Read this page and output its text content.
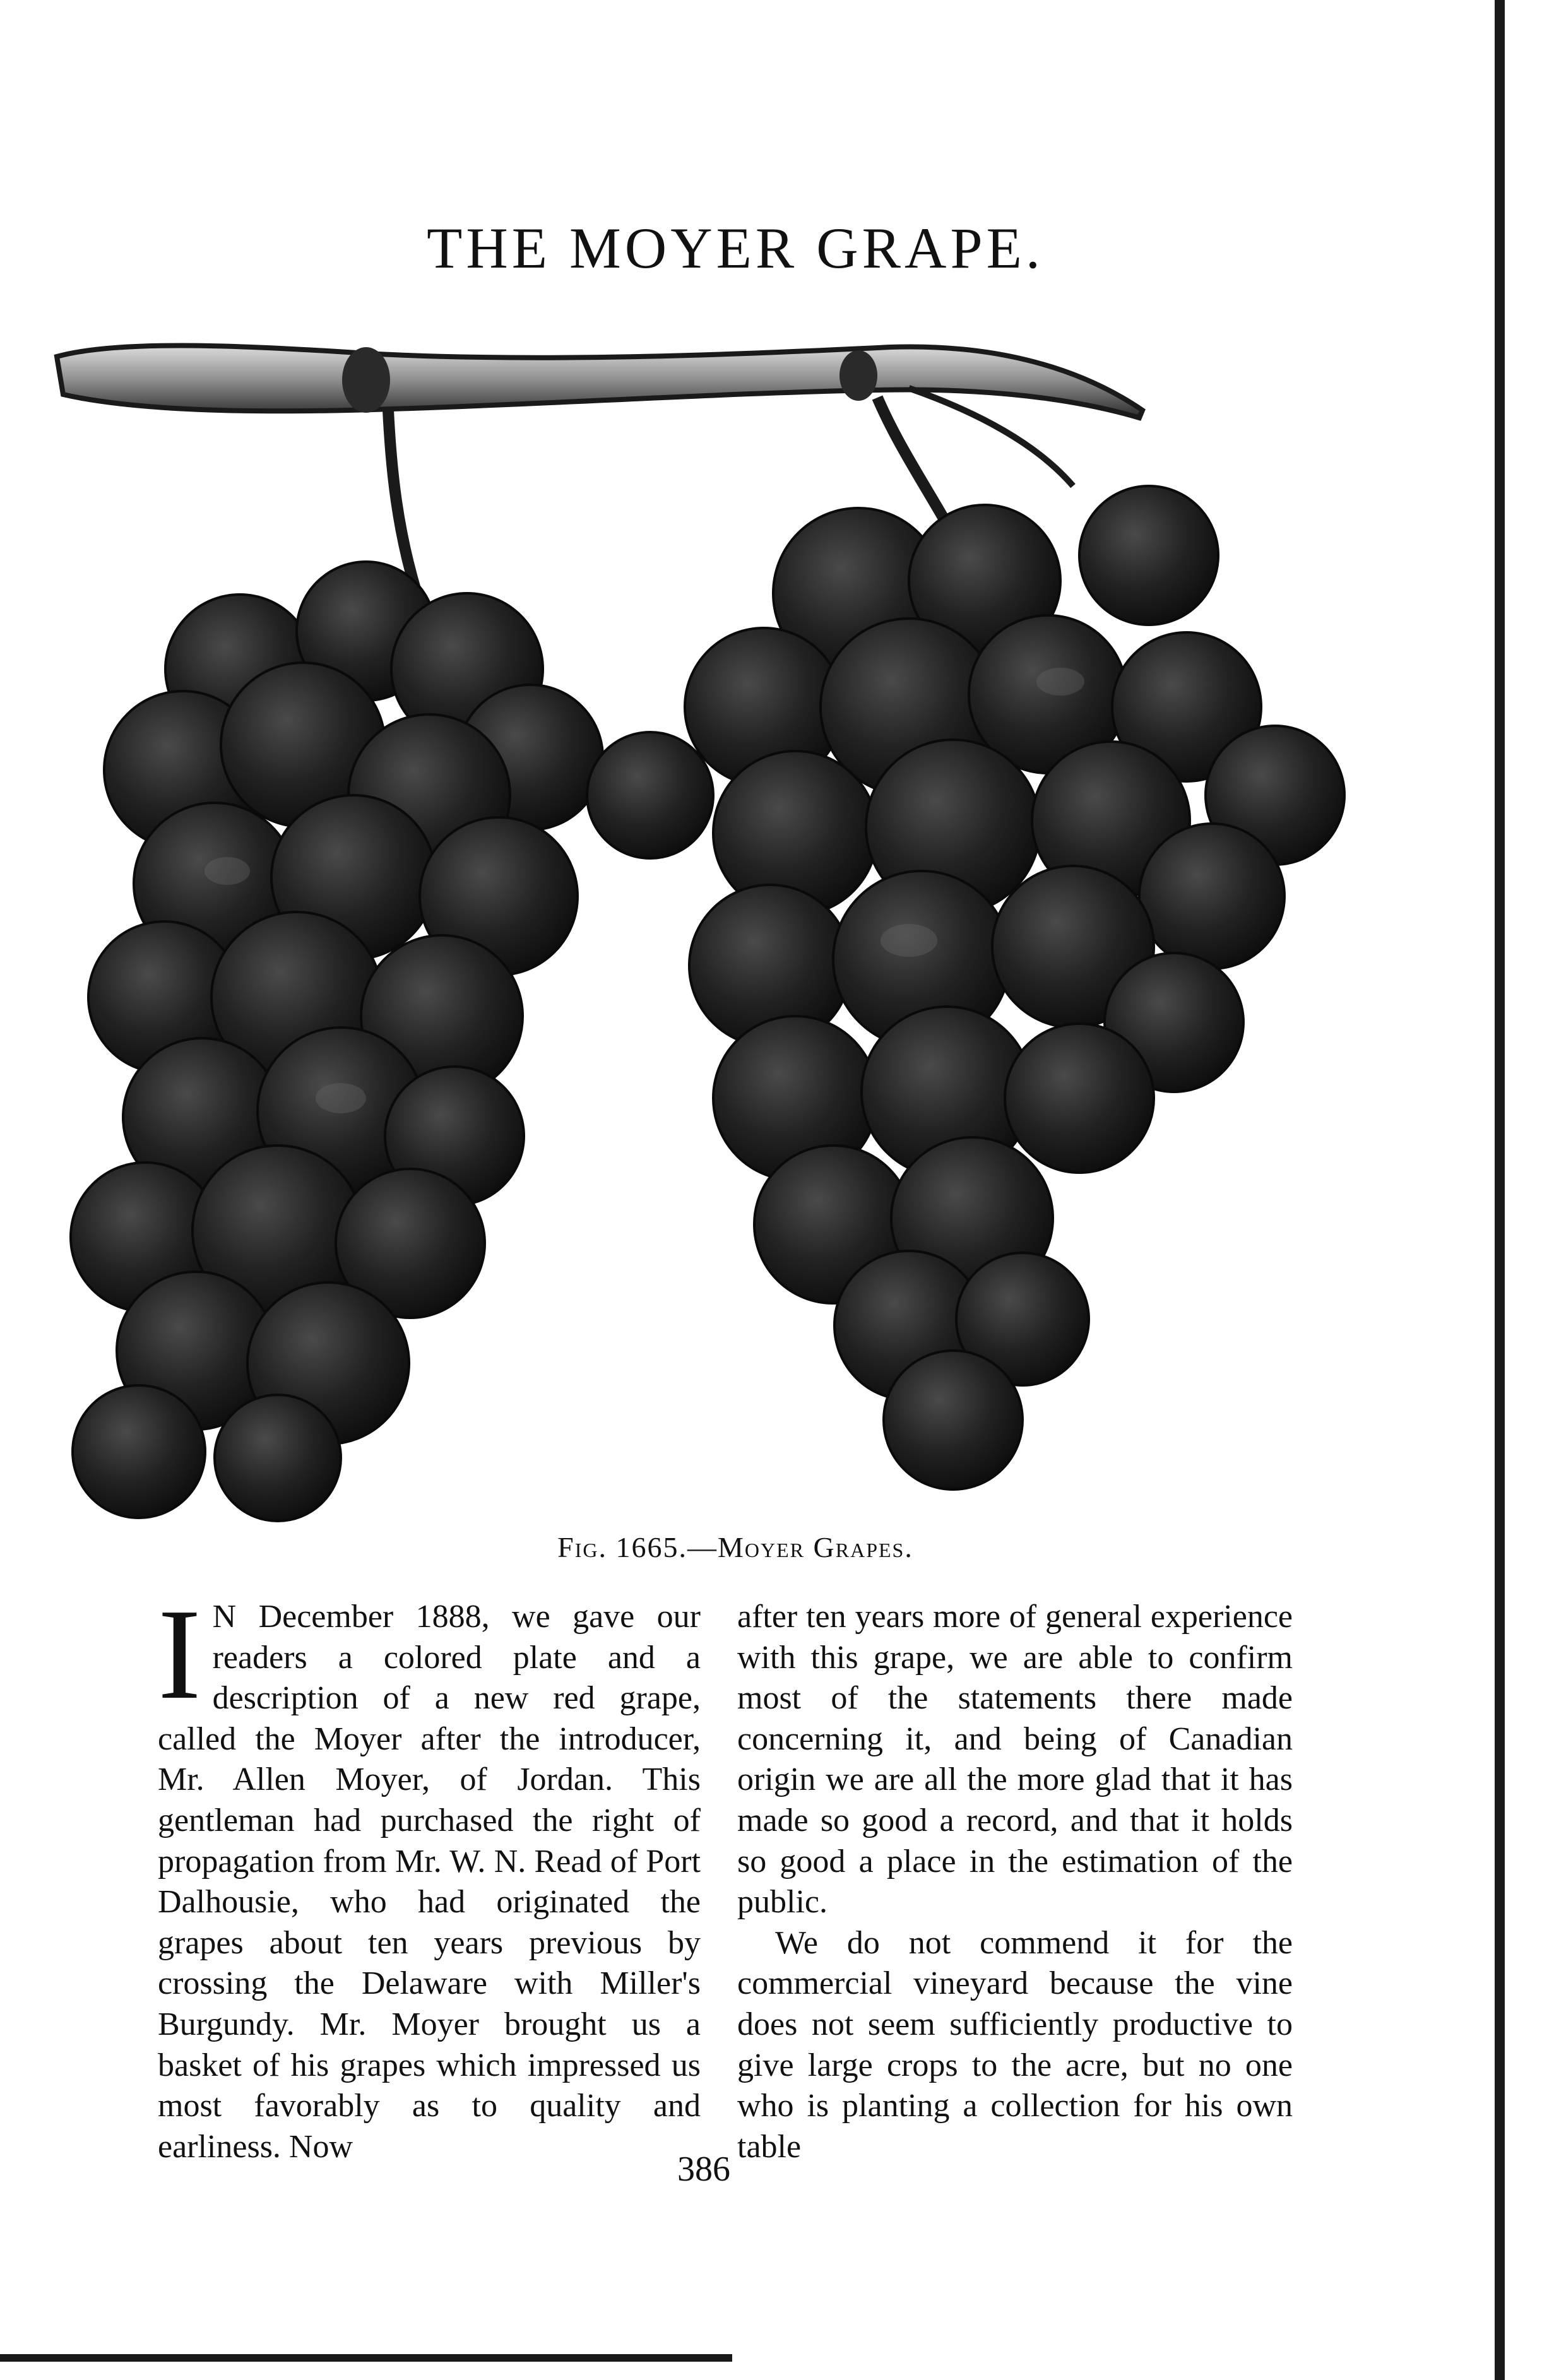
THE MOYER GRAPE.
Fig. 1665.—Moyer Grapes.

I N December 1888, we gave our readers a colored plate and a description of a new red grape, called the Moyer after the introducer, Mr. Allen Moyer, of Jordan. This gentleman had purchased the right of propagation from Mr. W. N. Read of Port Dalhousie, who had originated the grapes about ten years previous by crossing the Delaware with Miller's Burgundy. Mr. Moyer brought us a basket of his grapes which impressed us most favorably as to quality and earliness. Now

after ten years more of general experience with this grape, we are able to confirm most of the statements there made concerning it, and being of Canadian origin we are all the more glad that it has made so good a record, and that it holds so good a place in the estimation of the public.

We do not commend it for the commercial vineyard because the vine does not seem sufficiently productive to give large crops to the acre, but no one who is planting a collection for his own table

386
